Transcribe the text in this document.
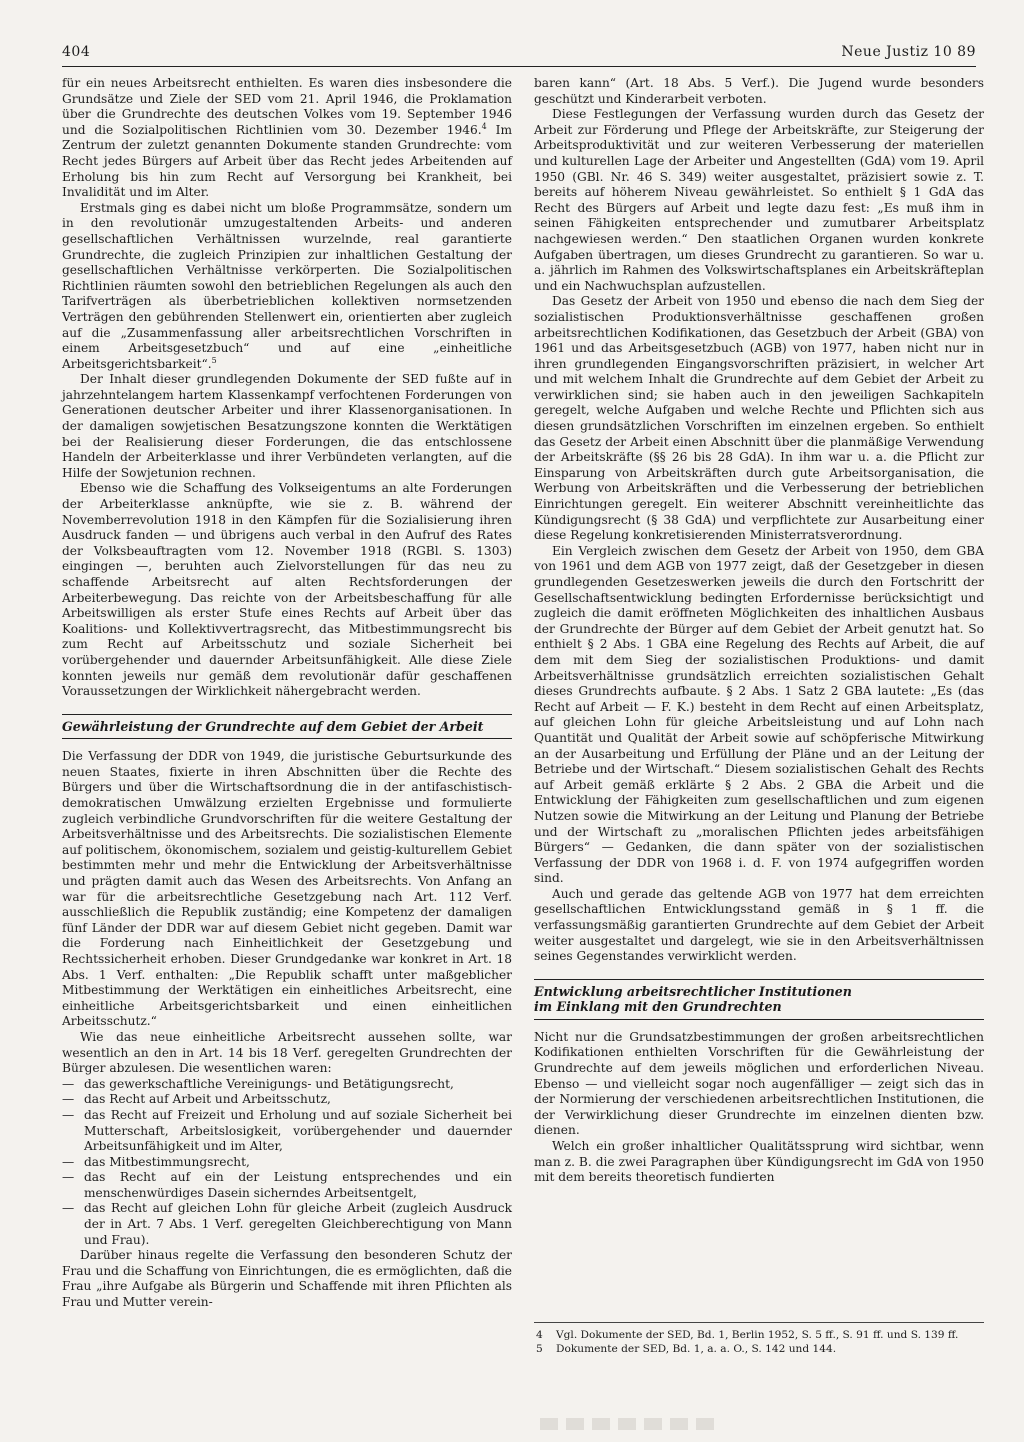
404	Neue Justiz 10 89

für ein neues Arbeitsrecht enthielten. Es waren dies insbesondere die Grundsätze und Ziele der SED vom 21. April 1946, die Proklamation über die Grundrechte des deutschen Volkes vom 19. September 1946 und die Sozialpolitischen Richtlinien vom 30. Dezember 1946.$^4$ Im Zentrum der zuletzt genannten Dokumente standen Grundrechte: vom Recht jedes Bürgers auf Arbeit über das Recht jedes Arbeitenden auf Erholung bis hin zum Recht auf Versorgung bei Krankheit, bei Invalidität und im Alter.

Erstmals ging es dabei nicht um bloße Programmsätze, sondern um in den revolutionär umzugestaltenden Arbeits- und anderen gesellschaftlichen Verhältnissen wurzelnde, real garantierte Grundrechte, die zugleich Prinzipien zur inhaltlichen Gestaltung der gesellschaftlichen Verhältnisse verkörperten. Die Sozialpolitischen Richtlinien räumten sowohl den betrieblichen Regelungen als auch den Tarifverträgen als überbetrieblichen kollektiven normsetzenden Verträgen den gebührenden Stellenwert ein, orientierten aber zugleich auf die „Zusammenfassung aller arbeitsrechtlichen Vorschriften in einem Arbeitsgesetzbuch“ und auf eine „einheitliche Arbeitsgerichtsbarkeit“.$^5$

Der Inhalt dieser grundlegenden Dokumente der SED fußte auf in jahrzehntelangem hartem Klassenkampf verfochtenen Forderungen von Generationen deutscher Arbeiter und ihrer Klassenorganisationen. In der damaligen sowjetischen Besatzungszone konnten die Werktätigen bei der Realisierung dieser Forderungen, die das entschlossene Handeln der Arbeiterklasse und ihrer Verbündeten verlangten, auf die Hilfe der Sowjetunion rechnen.

Ebenso wie die Schaffung des Volkseigentums an alte Forderungen der Arbeiterklasse anknüpfte, wie sie z. B. während der Novemberrevolution 1918 in den Kämpfen für die Sozialisierung ihren Ausdruck fanden — und übrigens auch verbal in den Aufruf des Rates der Volksbeauftragten vom 12. November 1918 (RGBl. S. 1303) eingingen —, beruhten auch Zielvorstellungen für das neu zu schaffende Arbeitsrecht auf alten Rechtsforderungen der Arbeiterbewegung. Das reichte von der Arbeitsbeschaffung für alle Arbeitswilligen als erster Stufe eines Rechts auf Arbeit über das Koalitions- und Kollektivvertragsrecht, das Mitbestimmungsrecht bis zum Recht auf Arbeitsschutz und soziale Sicherheit bei vorübergehender und dauernder Arbeitsunfähigkeit. Alle diese Ziele konnten jeweils nur gemäß dem revolutionär dafür geschaffenen Voraussetzungen der Wirklichkeit nähergebracht werden.

Gewährleistung der Grundrechte auf dem Gebiet der Arbeit

Die Verfassung der DDR von 1949, die juristische Geburtsurkunde des neuen Staates, fixierte in ihren Abschnitten über die Rechte des Bürgers und über die Wirtschaftsordnung die in der antifaschistisch-demokratischen Umwälzung erzielten Ergebnisse und formulierte zugleich verbindliche Grundvorschriften für die weitere Gestaltung der Arbeitsverhältnisse und des Arbeitsrechts. Die sozialistischen Elemente auf politischem, ökonomischem, sozialem und geistig-kulturellem Gebiet bestimmten mehr und mehr die Entwicklung der Arbeitsverhältnisse und prägten damit auch das Wesen des Arbeitsrechts. Von Anfang an war für die arbeitsrechtliche Gesetzgebung nach Art. 112 Verf. ausschließlich die Republik zuständig; eine Kompetenz der damaligen fünf Länder der DDR war auf diesem Gebiet nicht gegeben. Damit war die Forderung nach Einheitlichkeit der Gesetzgebung und Rechtssicherheit erhoben. Dieser Grundgedanke war konkret in Art. 18 Abs. 1 Verf. enthalten: „Die Republik schafft unter maßgeblicher Mitbestimmung der Werktätigen ein einheitliches Arbeitsrecht, eine einheitliche Arbeitsgerichtsbarkeit und einen einheitlichen Arbeitsschutz.“

Wie das neue einheitliche Arbeitsrecht aussehen sollte, war wesentlich an den in Art. 14 bis 18 Verf. geregelten Grundrechten der Bürger abzulesen. Die wesentlichen waren:

— das gewerkschaftliche Vereinigungs- und Betätigungsrecht,
— das Recht auf Arbeit und Arbeitsschutz,
— das Recht auf Freizeit und Erholung und auf soziale Sicherheit bei Mutterschaft, Arbeitslosigkeit, vorübergehender und dauernder Arbeitsunfähigkeit und im Alter,
— das Mitbestimmungsrecht,
— das Recht auf ein der Leistung entsprechendes und ein menschenwürdiges Dasein sicherndes Arbeitsentgelt,
— das Recht auf gleichen Lohn für gleiche Arbeit (zugleich Ausdruck der in Art. 7 Abs. 1 Verf. geregelten Gleichberechtigung von Mann und Frau).

Darüber hinaus regelte die Verfassung den besonderen Schutz der Frau und die Schaffung von Einrichtungen, die es ermöglichten, daß die Frau „ihre Aufgabe als Bürgerin und Schaffende mit ihren Pflichten als Frau und Mutter verein-

baren kann“ (Art. 18 Abs. 5 Verf.). Die Jugend wurde besonders geschützt und Kinderarbeit verboten.

Diese Festlegungen der Verfassung wurden durch das Gesetz der Arbeit zur Förderung und Pflege der Arbeitskräfte, zur Steigerung der Arbeitsproduktivität und zur weiteren Verbesserung der materiellen und kulturellen Lage der Arbeiter und Angestellten (GdA) vom 19. April 1950 (GBl. Nr. 46 S. 349) weiter ausgestaltet, präzisiert sowie z. T. bereits auf höherem Niveau gewährleistet. So enthielt § 1 GdA das Recht des Bürgers auf Arbeit und legte dazu fest: „Es muß ihm in seinen Fähigkeiten entsprechender und zumutbarer Arbeitsplatz nachgewiesen werden.“ Den staatlichen Organen wurden konkrete Aufgaben übertragen, um dieses Grundrecht zu garantieren. So war u. a. jährlich im Rahmen des Volkswirtschaftsplanes ein Arbeitskräfteplan und ein Nachwuchsplan aufzustellen.

Das Gesetz der Arbeit von 1950 und ebenso die nach dem Sieg der sozialistischen Produktionsverhältnisse geschaffenen großen arbeitsrechtlichen Kodifikationen, das Gesetzbuch der Arbeit (GBA) von 1961 und das Arbeitsgesetzbuch (AGB) von 1977, haben nicht nur in ihren grundlegenden Eingangsvorschriften präzisiert, in welcher Art und mit welchem Inhalt die Grundrechte auf dem Gebiet der Arbeit zu verwirklichen sind; sie haben auch in den jeweiligen Sachkapiteln geregelt, welche Aufgaben und welche Rechte und Pflichten sich aus diesen grundsätzlichen Vorschriften im einzelnen ergeben. So enthielt das Gesetz der Arbeit einen Abschnitt über die planmäßige Verwendung der Arbeitskräfte (§§ 26 bis 28 GdA). In ihm war u. a. die Pflicht zur Einsparung von Arbeitskräften durch gute Arbeitsorganisation, die Werbung von Arbeitskräften und die Verbesserung der betrieblichen Einrichtungen geregelt. Ein weiterer Abschnitt vereinheitlichte das Kündigungsrecht (§ 38 GdA) und verpflichtete zur Ausarbeitung einer diese Regelung konkretisierenden Ministerratsverordnung.

Ein Vergleich zwischen dem Gesetz der Arbeit von 1950, dem GBA von 1961 und dem AGB von 1977 zeigt, daß der Gesetzgeber in diesen grundlegenden Gesetzeswerken jeweils die durch den Fortschritt der Gesellschaftsentwicklung bedingten Erfordernisse berücksichtigt und zugleich die damit eröffneten Möglichkeiten des inhaltlichen Ausbaus der Grundrechte der Bürger auf dem Gebiet der Arbeit genutzt hat. So enthielt § 2 Abs. 1 GBA eine Regelung des Rechts auf Arbeit, die auf dem mit dem Sieg der sozialistischen Produktions- und damit Arbeitsverhältnisse grundsätzlich erreichten sozialistischen Gehalt dieses Grundrechts aufbaute. § 2 Abs. 1 Satz 2 GBA lautete: „Es (das Recht auf Arbeit — F. K.) besteht in dem Recht auf einen Arbeitsplatz, auf gleichen Lohn für gleiche Arbeitsleistung und auf Lohn nach Quantität und Qualität der Arbeit sowie auf schöpferische Mitwirkung an der Ausarbeitung und Erfüllung der Pläne und an der Leitung der Betriebe und der Wirtschaft.“ Diesem sozialistischen Gehalt des Rechts auf Arbeit gemäß erklärte § 2 Abs. 2 GBA die Arbeit und die Entwicklung der Fähigkeiten zum gesellschaftlichen und zum eigenen Nutzen sowie die Mitwirkung an der Leitung und Planung der Betriebe und der Wirtschaft zu „moralischen Pflichten jedes arbeitsfähigen Bürgers“ — Gedanken, die dann später von der sozialistischen Verfassung der DDR von 1968 i. d. F. von 1974 aufgegriffen worden sind.

Auch und gerade das geltende AGB von 1977 hat dem erreichten gesellschaftlichen Entwicklungsstand gemäß in § 1 ff. die verfassungsmäßig garantierten Grundrechte auf dem Gebiet der Arbeit weiter ausgestaltet und dargelegt, wie sie in den Arbeitsverhältnissen seines Gegenstandes verwirklicht werden.

Entwicklung arbeitsrechtlicher Institutionen
im Einklang mit den Grundrechten

Nicht nur die Grundsatzbestimmungen der großen arbeitsrechtlichen Kodifikationen enthielten Vorschriften für die Gewährleistung der Grundrechte auf dem jeweils möglichen und erforderlichen Niveau. Ebenso — und vielleicht sogar noch augenfälliger — zeigt sich das in der Normierung der verschiedenen arbeitsrechtlichen Institutionen, die der Verwirklichung dieser Grundrechte im einzelnen dienten bzw. dienen.

Welch ein großer inhaltlicher Qualitätssprung wird sichtbar, wenn man z. B. die zwei Paragraphen über Kündigungsrecht im GdA von 1950 mit dem bereits theoretisch fundierten

4 Vgl. Dokumente der SED, Bd. 1, Berlin 1952, S. 5 ff., S. 91 ff. und S. 139 ff.
5 Dokumente der SED, Bd. 1, a. a. O., S. 142 und 144.
